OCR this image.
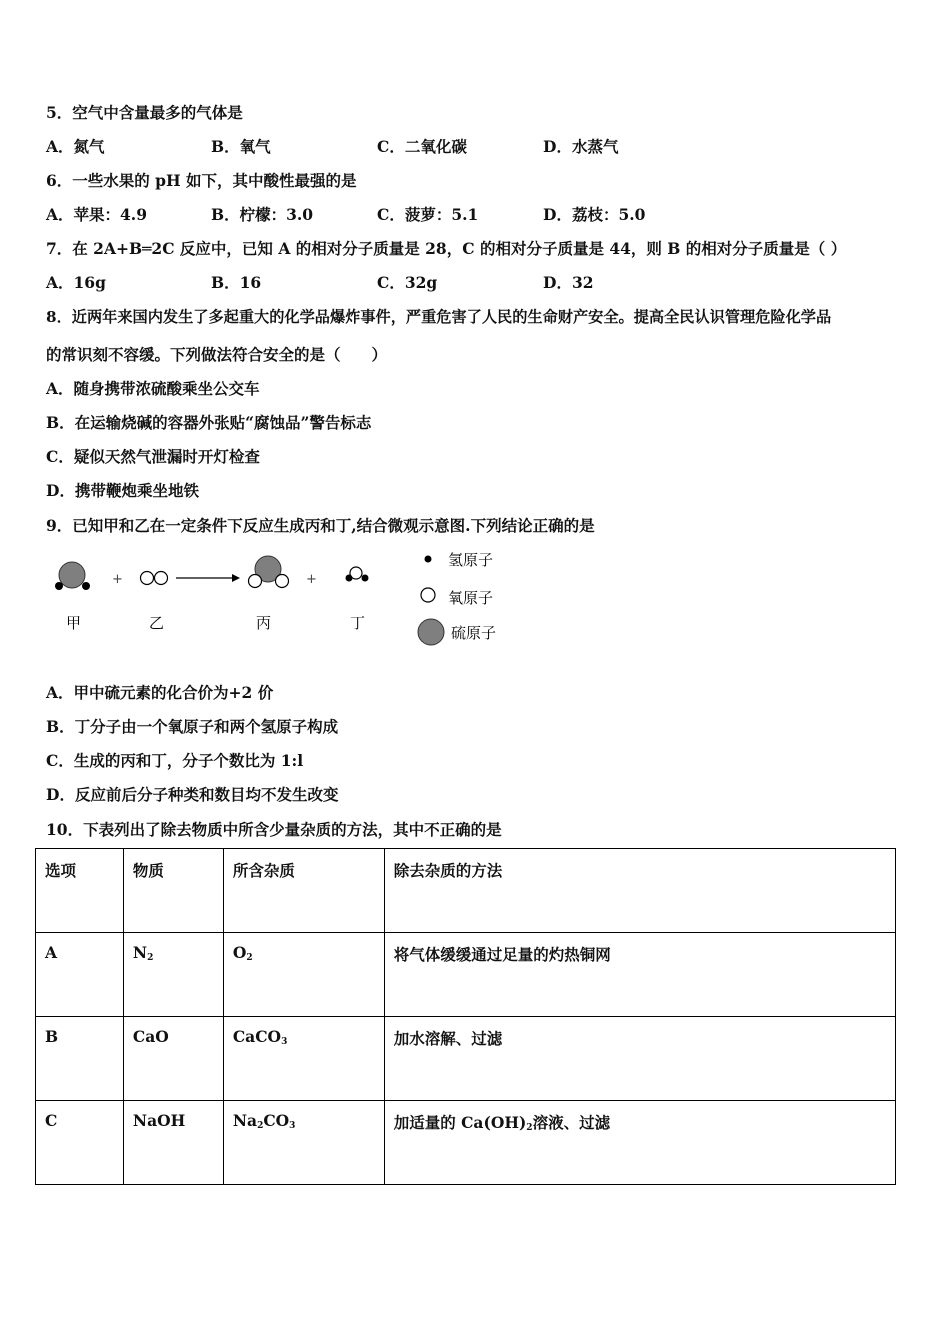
5．空气中含量最多的气体是
A．氮气	B．氧气	C．二氧化碳	D．水蒸气
6．一些水果的 pH 如下，其中酸性最强的是
A．苹果：4.9	B．柠檬：3.0	C．菠萝：5.1	D．荔枝：5.0
7．在 2A+B═2C 反应中，已知 A 的相对分子质量是 28，C 的相对分子质量是 44，则 B 的相对分子质量是（ ）
A．16g	B．16	C．32g	D．32
8．近两年来国内发生了多起重大的化学品爆炸事件，严重危害了人民的生命财产安全。提高全民认识管理危险化学品
的常识刻不容缓。下列做法符合安全的是（　　）
A．随身携带浓硫酸乘坐公交车
B．在运输烧碱的容器外张贴“腐蚀品”警告标志
C．疑似天然气泄漏时开灯检查
D．携带鞭炮乘坐地铁
9．已知甲和乙在一定条件下反应生成丙和丁,结合微观示意图.下列结论正确的是
+	+
甲	乙	丙	丁
氢原子
氧原子
硫原子
A．甲中硫元素的化合价为+2 价
B．丁分子由一个氧原子和两个氢原子构成
C．生成的丙和丁，分子个数比为 1:l
D．反应前后分子种类和数目均不发生改变
10．下表列出了除去物质中所含少量杂质的方法，其中不正确的是
选项	物质	所含杂质	除去杂质的方法
A	$N_2$	$O_2$	将气体缓缓通过足量的灼热铜网
B	CaO	CaCO$_3$	加水溶解、过滤
C	NaOH	$Na_2CO_3$	加适量的 $Ca(OH)_2$溶液、过滤
